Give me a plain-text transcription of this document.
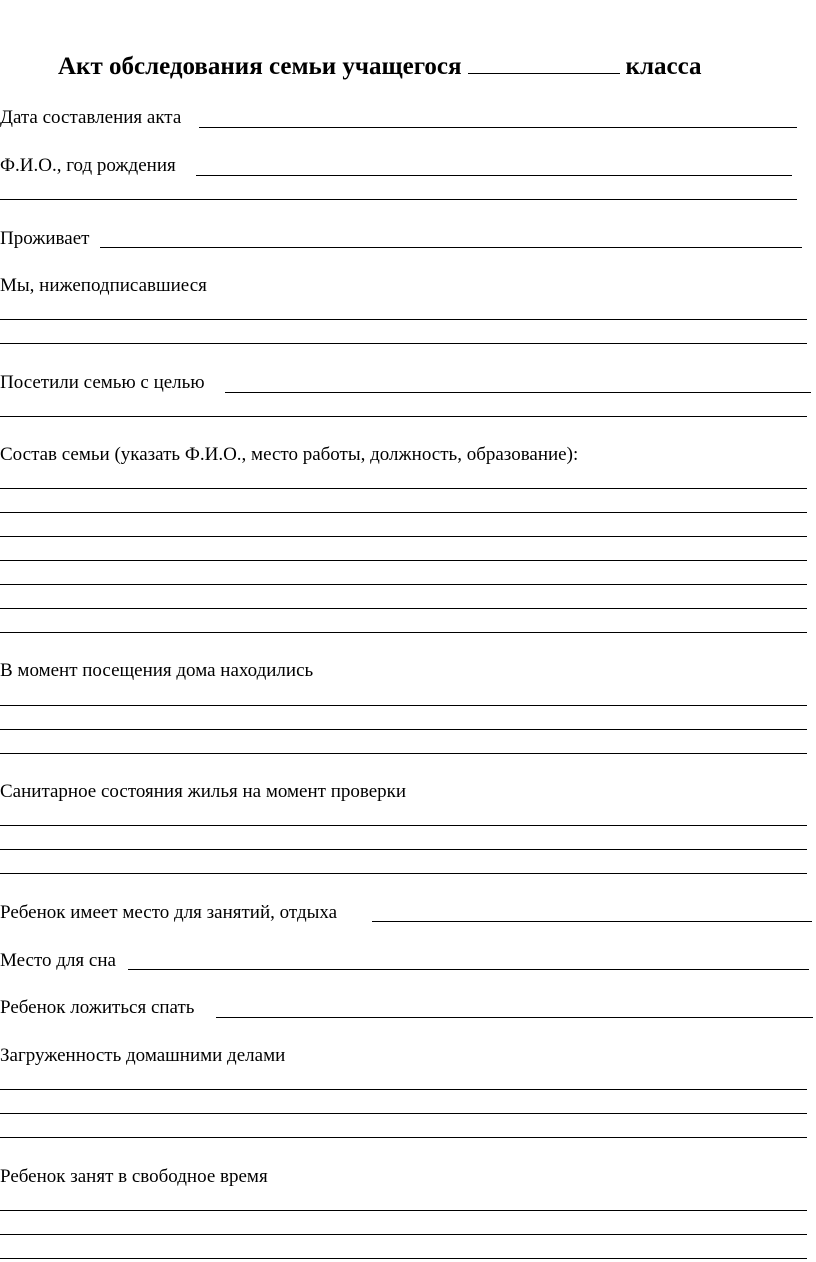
Акт обследования семьи учащегося	класса
Дата составления акта
Ф.И.О., год рождения
Проживает
Мы, нижеподписавшиеся
Посетили семью с целью
Состав семьи (указать Ф.И.О., место работы, должность, образование):
В момент посещения дома находились
Санитарное состояния жилья на момент проверки
Ребенок имеет место для занятий, отдыха
Место для сна
Ребенок ложиться спать
Загруженность домашними делами
Ребенок занят в свободное время
